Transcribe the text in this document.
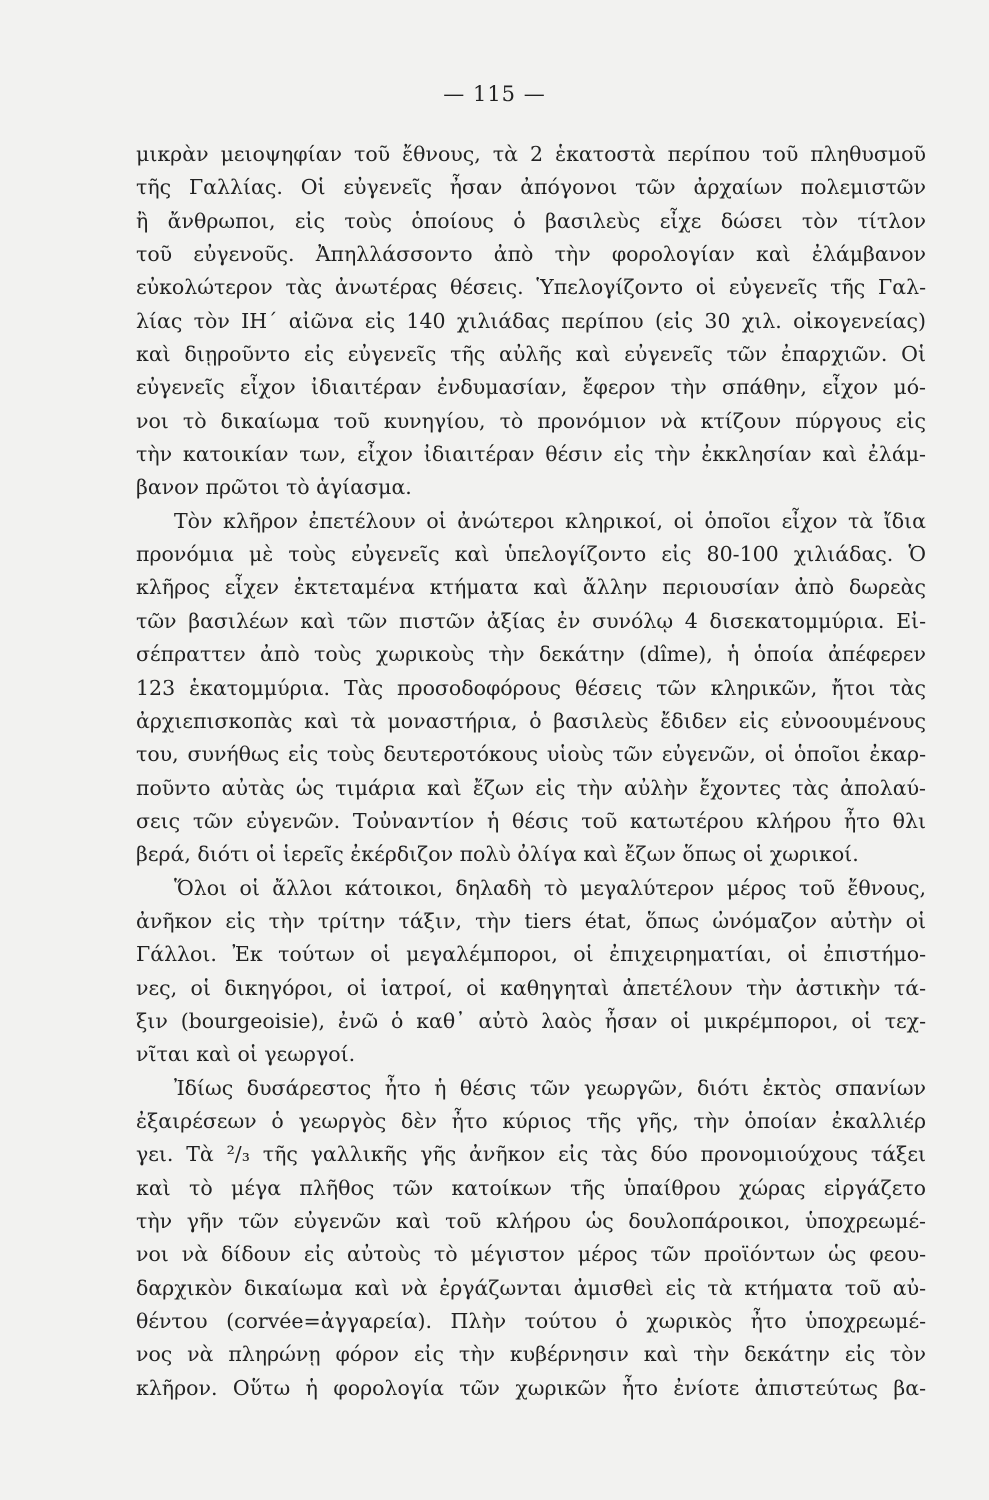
— 115 —
μικρὰν μειοψηφίαν τοῦ ἔθνους, τὰ 2 ἑκατοστὰ περίπου τοῦ πληθυσμοῦ
τῆς Γαλλίας. Οἱ εὐγενεῖς ἦσαν ἀπόγονοι τῶν ἀρχαίων πολεμιστῶν
ἢ ἄνθρωποι, εἰς τοὺς ὁποίους ὁ βασιλεὺς εἶχε δώσει τὸν τίτλον
τοῦ εὐγενοῦς. Ἀπηλλάσσοντο ἀπὸ τὴν φορολογίαν καὶ ἐλάμβανον
εὐκολώτερον τὰς ἀνωτέρας θέσεις. Ὑπελογίζοντο οἱ εὐγενεῖς τῆς Γαλ-
λίας τὸν ΙΗ΄ αἰῶνα εἰς 140 χιλιάδας περίπου (εἰς 30 χιλ. οἰκογενείας)
καὶ διῃροῦντο εἰς εὐγενεῖς τῆς αὐλῆς καὶ εὐγενεῖς τῶν ἐπαρχιῶν. Οἱ
εὐγενεῖς εἶχον ἰδιαιτέραν ἐνδυμασίαν, ἔφερον τὴν σπάθην, εἶχον μό-
νοι τὸ δικαίωμα τοῦ κυνηγίου, τὸ προνόμιον νὰ κτίζουν πύργους εἰς
τὴν κατοικίαν των, εἶχον ἰδιαιτέραν θέσιν εἰς τὴν ἐκκλησίαν καὶ ἐλάμ-
βανον πρῶτοι τὸ ἁγίασμα.
Τὸν κλῆρον ἐπετέλουν οἱ ἀνώτεροι κληρικοί, οἱ ὁποῖοι εἶχον τὰ ἴδια
προνόμια μὲ τοὺς εὐγενεῖς καὶ ὑπελογίζοντο εἰς 80-100 χιλιάδας. Ὁ
κλῆρος εἶχεν ἐκτεταμένα κτήματα καὶ ἄλλην περιουσίαν ἀπὸ δωρεὰς
τῶν βασιλέων καὶ τῶν πιστῶν ἀξίας ἐν συνόλῳ 4 δισεκατομμύρια. Εἰ-
σέπραττεν ἀπὸ τοὺς χωρικοὺς τὴν δεκάτην (dîme), ἡ ὁποία ἀπέφερεν
123 ἑκατομμύρια. Τὰς προσοδοφόρους θέσεις τῶν κληρικῶν, ἤτοι τὰς
ἀρχιεπισκοπὰς καὶ τὰ μοναστήρια, ὁ βασιλεὺς ἔδιδεν εἰς εὐνοουμένους
του, συνήθως εἰς τοὺς δευτεροτόκους υἱοὺς τῶν εὐγενῶν, οἱ ὁποῖοι ἐκαρ-
ποῦντο αὐτὰς ὡς τιμάρια καὶ ἔζων εἰς τὴν αὐλὴν ἔχοντες τὰς ἀπολαύ-
σεις τῶν εὐγενῶν. Τοὐναντίον ἡ θέσις τοῦ κατωτέρου κλήρου ἦτο θλι
βερά, διότι οἱ ἱερεῖς ἐκέρδιζον πολὺ ὀλίγα καὶ ἔζων ὅπως οἱ χωρικοί.
Ὅλοι οἱ ἄλλοι κάτοικοι, δηλαδὴ τὸ μεγαλύτερον μέρος τοῦ ἔθνους,
ἀνῆκον εἰς τὴν τρίτην τάξιν, τὴν tiers état, ὅπως ὠνόμαζον αὐτὴν οἱ
Γάλλοι. Ἐκ τούτων οἱ μεγαλέμποροι, οἱ ἐπιχειρηματίαι, οἱ ἐπιστήμο-
νες, οἱ δικηγόροι, οἱ ἰατροί, οἱ καθηγηταὶ ἀπετέλουν τὴν ἀστικὴν τά-
ξιν (bourgeoisie), ἐνῶ ὁ καθ᾽ αὐτὸ λαὸς ἦσαν οἱ μικρέμποροι, οἱ τεχ-
νῖται καὶ οἱ γεωργοί.
Ἰδίως δυσάρεστος ἦτο ἡ θέσις τῶν γεωργῶν, διότι ἐκτὸς σπανίων
ἐξαιρέσεων ὁ γεωργὸς δὲν ἦτο κύριος τῆς γῆς, τὴν ὁποίαν ἐκαλλιέρ
γει. Τὰ ²/₃ τῆς γαλλικῆς γῆς ἀνῆκον εἰς τὰς δύο προνομιούχους τάξει
καὶ τὸ μέγα πλῆθος τῶν κατοίκων τῆς ὑπαίθρου χώρας εἰργάζετο
τὴν γῆν τῶν εὐγενῶν καὶ τοῦ κλήρου ὡς δουλοπάροικοι, ὑποχρεωμέ-
νοι νὰ δίδουν εἰς αὐτοὺς τὸ μέγιστον μέρος τῶν προϊόντων ὡς φεου-
δαρχικὸν δικαίωμα καὶ νὰ ἐργάζωνται ἀμισθεὶ εἰς τὰ κτήματα τοῦ αὐ-
θέντου (corvée=ἀγγαρεία). Πλὴν τούτου ὁ χωρικὸς ἦτο ὑποχρεωμέ-
νος νὰ πληρώνῃ φόρον εἰς τὴν κυβέρνησιν καὶ τὴν δεκάτην εἰς τὸν
κλῆρον. Οὕτω ἡ φορολογία τῶν χωρικῶν ἦτο ἐνίοτε ἀπιστεύτως βα-
